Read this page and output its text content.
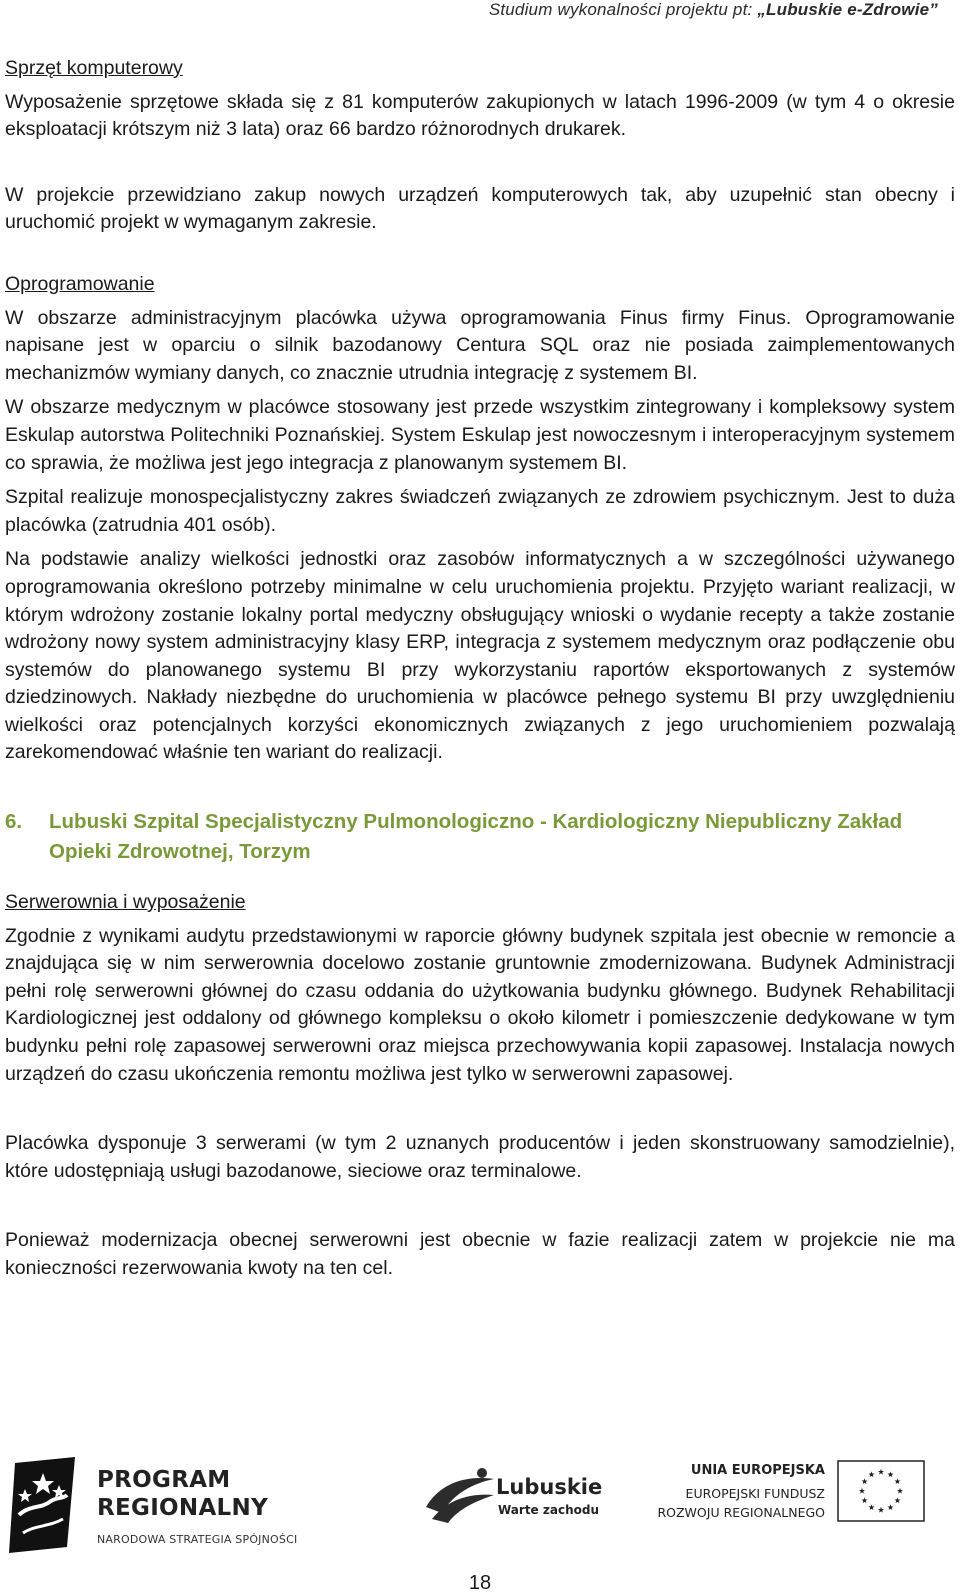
Studium wykonalności projektu pt: „Lubuskie e-Zdrowie”

Sprzęt komputerowy

Wyposażenie sprzętowe składa się z 81 komputerów zakupionych w latach 1996-2009 (w tym 4 o okresie eksploatacji krótszym niż 3 lata) oraz 66 bardzo różnorodnych drukarek.

W projekcie przewidziano zakup nowych urządzeń komputerowych tak, aby uzupełnić stan obecny i uruchomić projekt w wymaganym zakresie.

Oprogramowanie

W obszarze administracyjnym placówka używa oprogramowania Finus firmy Finus. Oprogramowanie napisane jest w oparciu o silnik bazodanowy Centura SQL oraz nie posiada zaimplementowanych mechanizmów wymiany danych, co znacznie utrudnia integrację z systemem BI.

W obszarze medycznym w placówce stosowany jest przede wszystkim zintegrowany i kompleksowy system Eskulap autorstwa Politechniki Poznańskiej. System Eskulap jest nowoczesnym i interoperacyjnym systemem co sprawia, że możliwa jest jego integracja z planowanym systemem BI.

Szpital realizuje monospecjalistyczny zakres świadczeń związanych ze zdrowiem psychicznym. Jest to duża placówka (zatrudnia 401 osób).

Na podstawie analizy wielkości jednostki oraz zasobów informatycznych a w szczególności używanego oprogramowania określono potrzeby minimalne w celu uruchomienia projektu. Przyjęto wariant realizacji, w którym wdrożony zostanie lokalny portal medyczny obsługujący wnioski o wydanie recepty a także zostanie wdrożony nowy system administracyjny klasy ERP, integracja z systemem medycznym oraz podłączenie obu systemów do planowanego systemu BI przy wykorzystaniu raportów eksportowanych z systemów dziedzinowych. Nakłady niezbędne do uruchomienia w placówce pełnego systemu BI przy uwzględnieniu wielkości oraz potencjalnych korzyści ekonomicznych związanych z jego uruchomieniem pozwalają zarekomendować właśnie ten wariant do realizacji.

6.	Lubuski Szpital Specjalistyczny Pulmonologiczno - Kardiologiczny Niepubliczny Zakład Opieki Zdrowotnej, Torzym

Serwerownia i wyposażenie

Zgodnie z wynikami audytu przedstawionymi w raporcie główny budynek szpitala jest obecnie w remoncie a znajdująca się w nim serwerownia docelowo zostanie gruntownie zmodernizowana. Budynek Administracji pełni rolę serwerowni głównej do czasu oddania do użytkowania budynku głównego. Budynek Rehabilitacji Kardiologicznej jest oddalony od głównego kompleksu o około kilometr i pomieszczenie dedykowane w tym budynku pełni rolę zapasowej serwerowni oraz miejsca przechowywania kopii zapasowej. Instalacja nowych urządzeń do czasu ukończenia remontu możliwa jest tylko w serwerowni zapasowej.

Placówka dysponuje 3 serwerami (w tym 2 uznanych producentów i jeden skonstruowany samodzielnie), które udostępniają usługi bazodanowe, sieciowe oraz terminalowe.

Ponieważ modernizacja obecnej serwerowni jest obecnie w fazie realizacji zatem w projekcie nie ma konieczności rezerwowania kwoty na ten cel.

PROGRAM
REGIONALNY
NARODOWA STRATEGIA SPÓJNOŚCI
Lubuskie
Warte zachodu
UNIA EUROPEJSKA
EUROPEJSKI FUNDUSZ
ROZWOJU REGIONALNEGO
18
